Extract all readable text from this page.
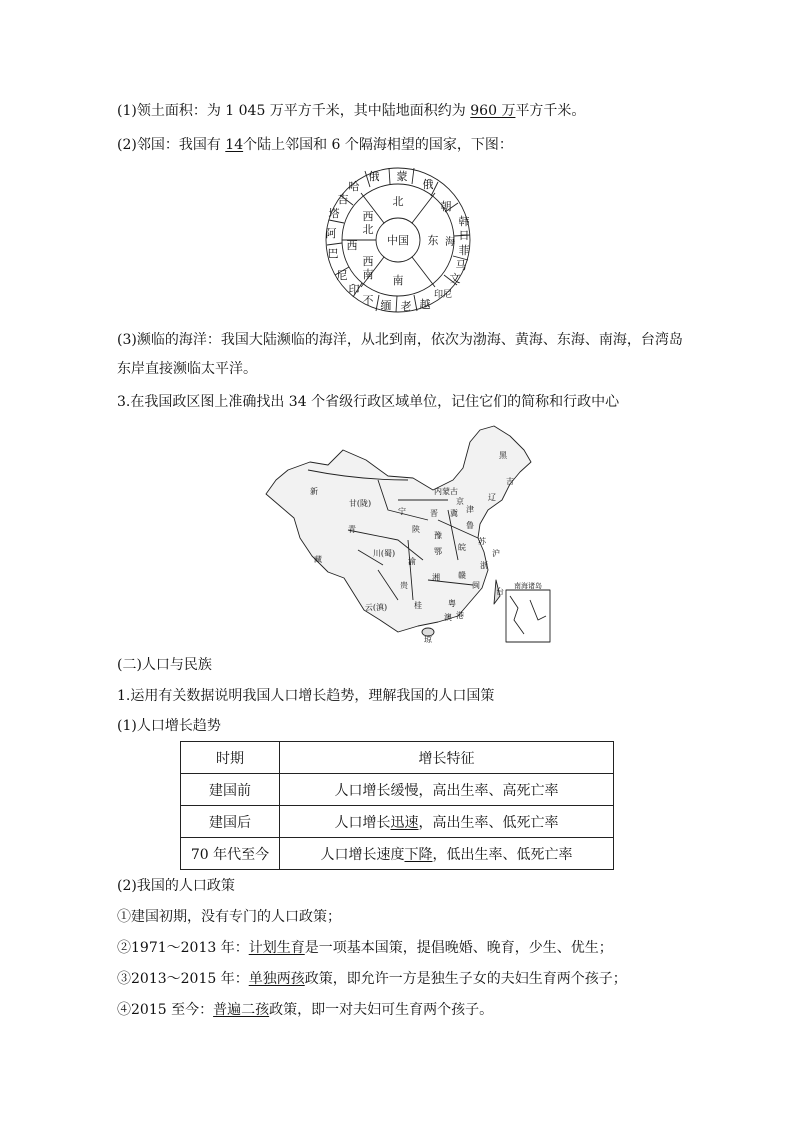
(1)领土面积：为 1 045 万平方千米，其中陆地面积约为 960 万平方千米。
(2)邻国：我国有 14个陆上邻国和 6 个隔海相望的国家，下图：
中国
北
东
南
西
北
西
西
南
蒙
俄
朝
韩
日
菲
马
文
印尼
越
老
缅
不
印
尼
巴
阿
塔
吉
哈
俄
海
(3)濒临的海洋：我国大陆濒临的海洋，从北到南，依次为渤海、黄海、东海、南海，台湾岛
东岸直接濒临太平洋。
3.在我国政区图上准确找出 34 个省级行政区域单位，记住它们的简称和行政中心
黑
吉
内蒙古
新
甘(陇)
青
藏
川(蜀)
云(滇)
贵
桂
湘
鄂
豫
晋 冀
鲁
皖
苏
浙
赣
闽
粤
琼
台
辽
宁
陕
渝
京
津
沪
港
澳
南海诸岛
(二)人口与民族
1.运用有关数据说明我国人口增长趋势，理解我国的人口国策
(1)人口增长趋势
时期	增长特征
建国前	人口增长缓慢，高出生率、高死亡率
建国后	人口增长迅速，高出生率、低死亡率
70 年代至今	人口增长速度下降，低出生率、低死亡率
(2)我国的人口政策
①建国初期，没有专门的人口政策；
②1971～2013 年：计划生育是一项基本国策，提倡晚婚、晚育，少生、优生；
③2013～2015 年：单独两孩政策，即允许一方是独生子女的夫妇生育两个孩子；
④2015 至今：普遍二孩政策，即一对夫妇可生育两个孩子。
